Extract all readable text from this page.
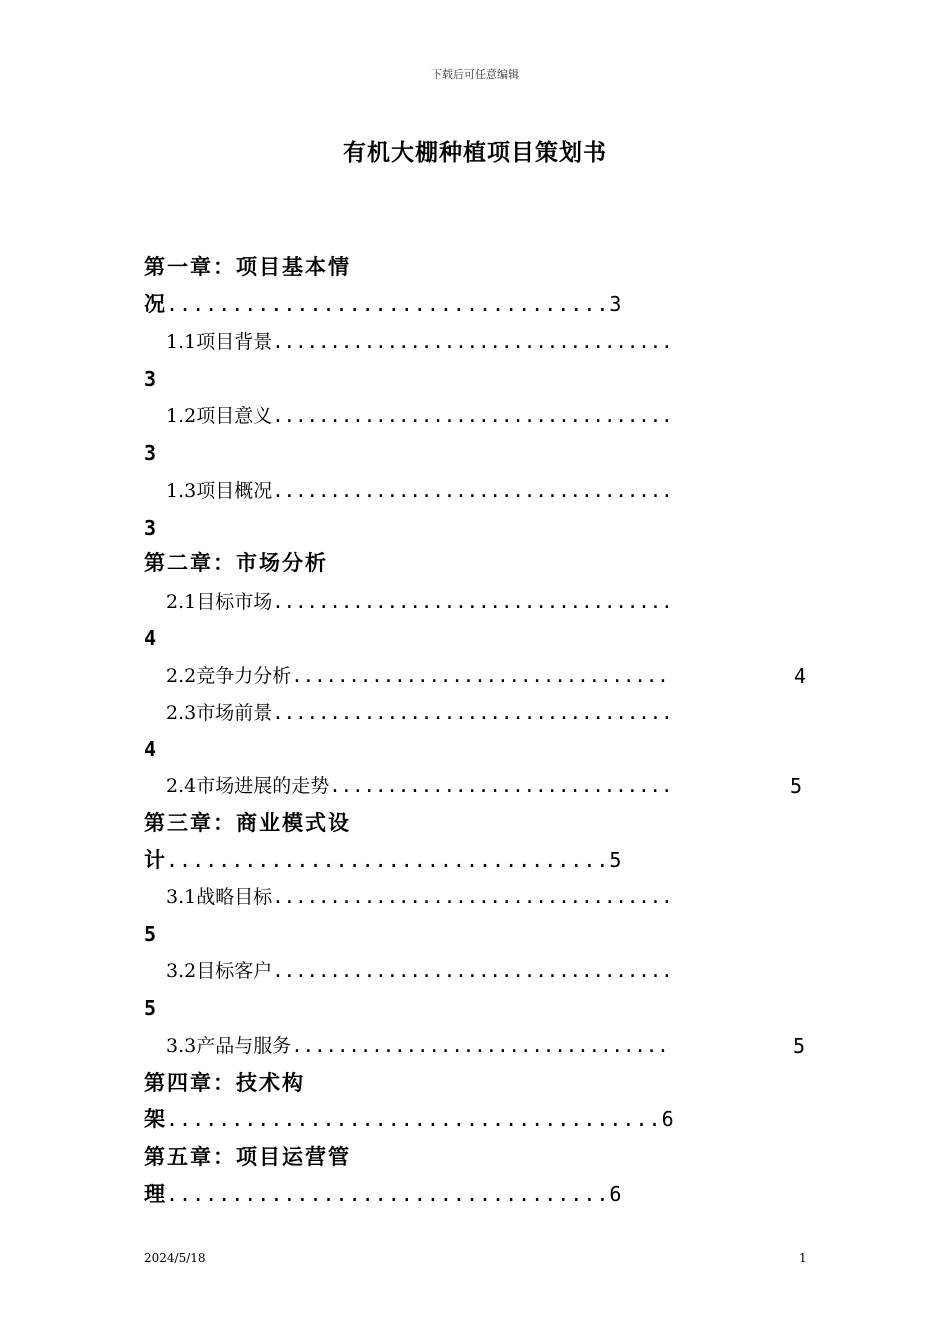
下载后可任意编辑
有机大棚种植项目策划书
第一章：项目基本情
况..................................3
1.1项目背景...................................
3
1.2项目意义...................................
3
1.3项目概况...................................
3
第二章：市场分析
2.1目标市场...................................
4
2.2竞争力分析.................................	4
2.3市场前景...................................
4
2.4市场进展的走势..............................	5
第三章：商业模式设
计..................................5
3.1战略目标...................................
5
3.2目标客户...................................
5
3.3产品与服务.................................	5
第四章：技术构
架......................................6
第五章：项目运营管
理..................................6
2024/5/18	1
